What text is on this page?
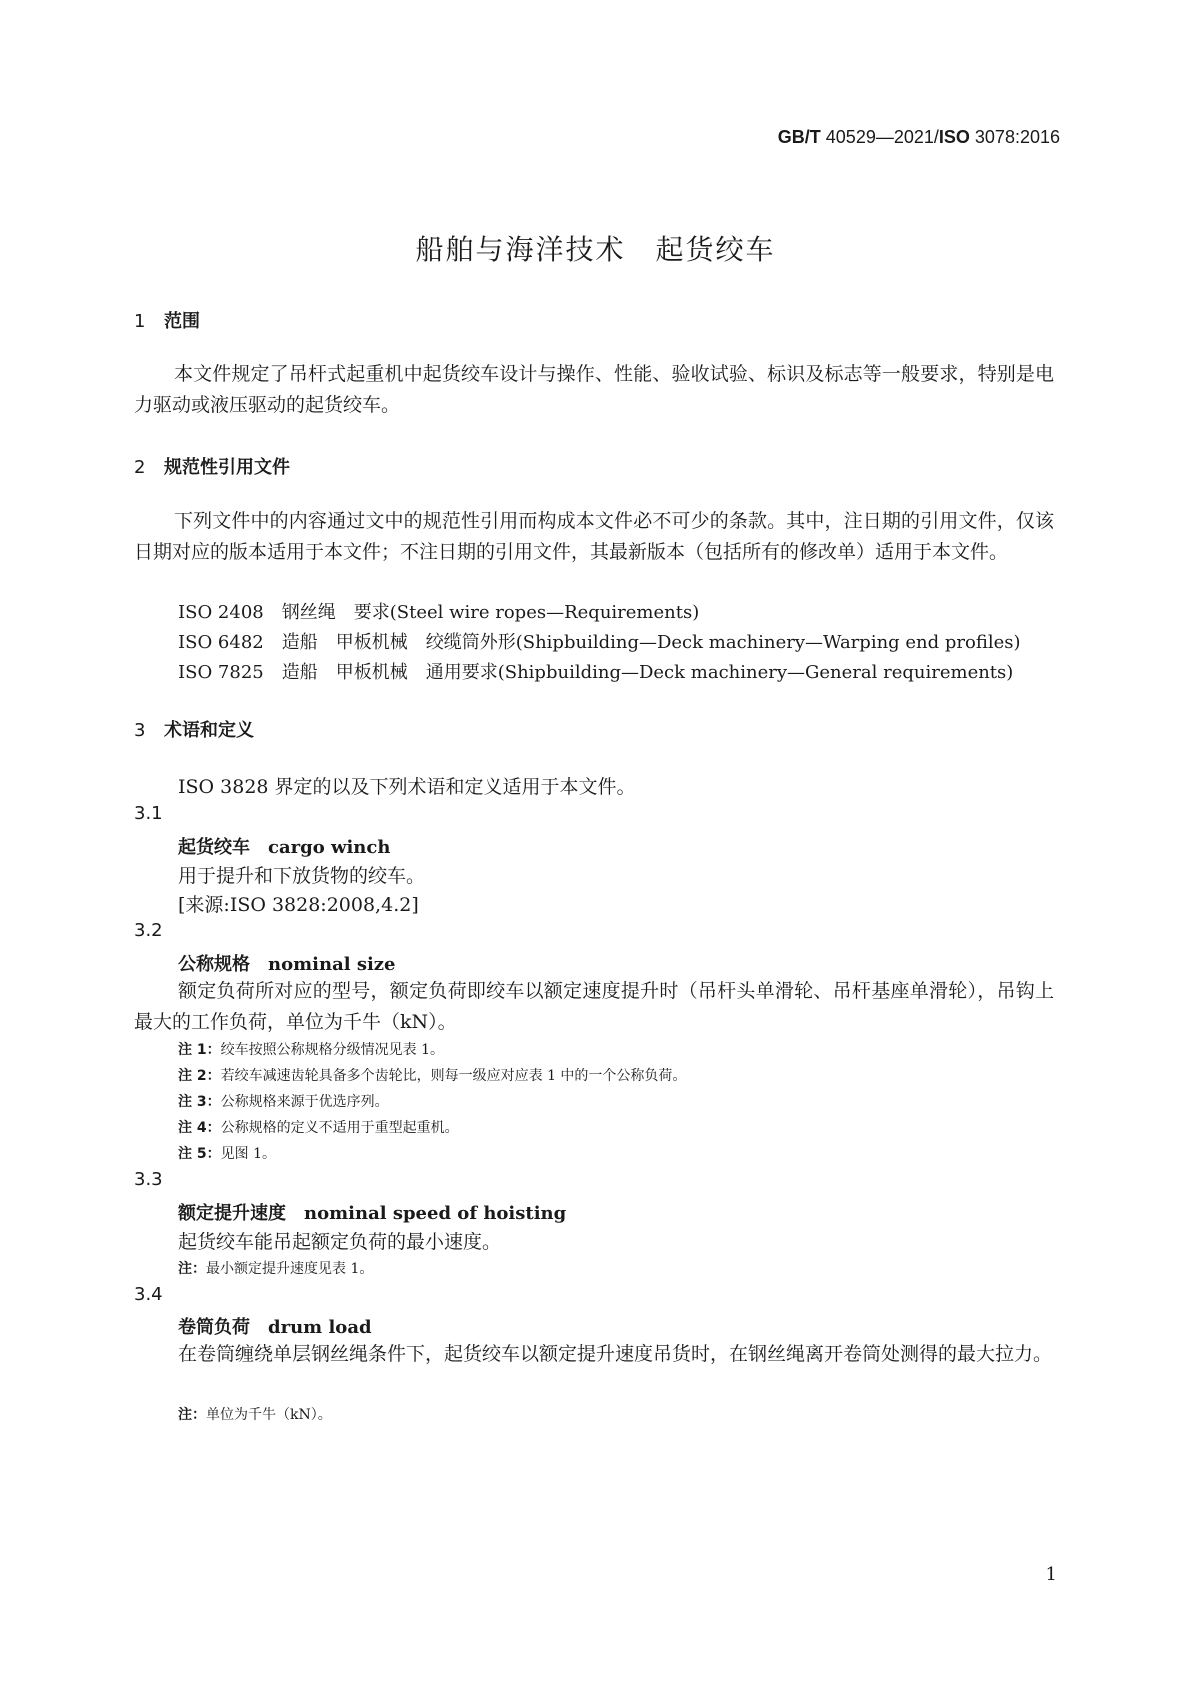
GB/T 40529—2021/ISO 3078:2016
船舶与海洋技术　起货绞车
1 范围
本文件规定了吊杆式起重机中起货绞车设计与操作、性能、验收试验、标识及标志等一般要求，特别是电力驱动或液压驱动的起货绞车。
2 规范性引用文件
下列文件中的内容通过文中的规范性引用而构成本文件必不可少的条款。其中，注日期的引用文件，仅该日期对应的版本适用于本文件；不注日期的引用文件，其最新版本（包括所有的修改单）适用于本文件。
ISO 2408　钢丝绳　要求(Steel wire ropes—Requirements)
ISO 6482　造船　甲板机械　绞缆筒外形(Shipbuilding—Deck machinery—Warping end profiles)
ISO 7825　造船　甲板机械　通用要求(Shipbuilding—Deck machinery—General requirements)
3 术语和定义
ISO 3828 界定的以及下列术语和定义适用于本文件。
3.1
起货绞车　 cargo winch
用于提升和下放货物的绞车。
[来源:ISO 3828:2008,4.2]
3.2
公称规格　 nominal size
额定负荷所对应的型号，额定负荷即绞车以额定速度提升时（吊杆头单滑轮、吊杆基座单滑轮），吊钩上最大的工作负荷，单位为千牛（kN）。
注 1：绞车按照公称规格分级情况见表 1。
注 2：若绞车减速齿轮具备多个齿轮比，则每一级应对应表 1 中的一个公称负荷。
注 3：公称规格来源于优选序列。
注 4：公称规格的定义不适用于重型起重机。
注 5：见图 1。
3.3
额定提升速度　 nominal speed of hoisting
起货绞车能吊起额定负荷的最小速度。
注：最小额定提升速度见表 1。
3.4
卷筒负荷　 drum load
在卷筒缠绕单层钢丝绳条件下，起货绞车以额定提升速度吊货时，在钢丝绳离开卷筒处测得的最大拉力。
注：单位为千牛（kN）。
1
